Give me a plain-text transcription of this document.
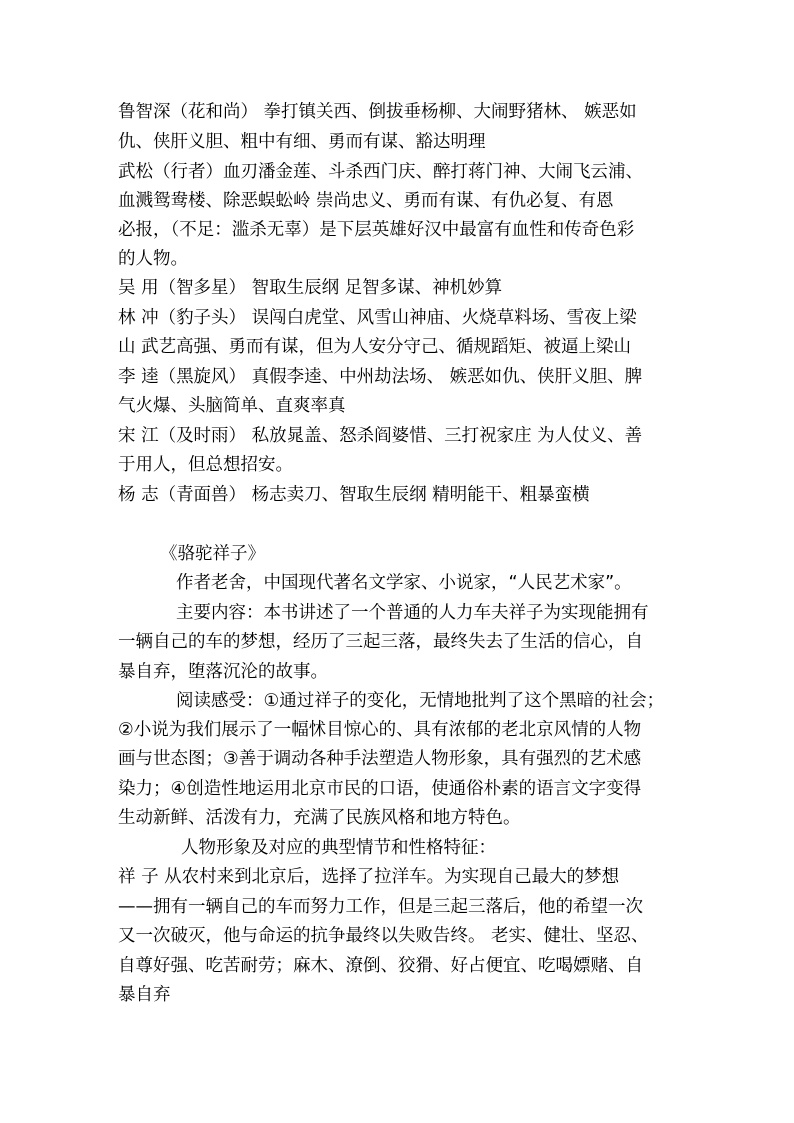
鲁智深（花和尚） 拳打镇关西、倒拔垂杨柳、大闹野猪林、 嫉恶如
仇、侠肝义胆、粗中有细、勇而有谋、豁达明理
武松（行者）血刃潘金莲、斗杀西门庆、醉打蒋门神、大闹飞云浦、
血溅鸳鸯楼、除恶蜈蚣岭 崇尚忠义、勇而有谋、有仇必复、有恩
必报，（不足：滥杀无辜）是下层英雄好汉中最富有血性和传奇色彩
的人物。
吴 用（智多星） 智取生辰纲 足智多谋、神机妙算
林 冲（豹子头） 误闯白虎堂、风雪山神庙、火烧草料场、雪夜上梁
山 武艺高强、勇而有谋，但为人安分守己、循规蹈矩、被逼上梁山
李 逵（黑旋风） 真假李逵、中州劫法场、 嫉恶如仇、侠肝义胆、脾
气火爆、头脑简单、直爽率真
宋 江（及时雨） 私放晁盖、怒杀阎婆惜、三打祝家庄 为人仗义、善
于用人，但总想招安。
杨 志（青面兽） 杨志卖刀、智取生辰纲 精明能干、粗暴蛮横
《骆驼祥子》
作者老舍，中国现代著名文学家、小说家，“人民艺术家”。
主要内容：本书讲述了一个普通的人力车夫祥子为实现能拥有
一辆自己的车的梦想，经历了三起三落，最终失去了生活的信心，自
暴自弃，堕落沉沦的故事。
阅读感受：①通过祥子的变化，无情地批判了这个黑暗的社会；
②小说为我们展示了一幅怵目惊心的、具有浓郁的老北京风情的人物
画与世态图；③善于调动各种手法塑造人物形象，具有强烈的艺术感
染力；④创造性地运用北京市民的口语，使通俗朴素的语言文字变得
生动新鲜、活泼有力，充满了民族风格和地方特色。
人物形象及对应的典型情节和性格特征：
祥 子 从农村来到北京后，选择了拉洋车。为实现自己最大的梦想
——拥有一辆自己的车而努力工作，但是三起三落后，他的希望一次
又一次破灭，他与命运的抗争最终以失败告终。 老实、健壮、坚忍、
自尊好强、吃苦耐劳；麻木、潦倒、狡猾、好占便宜、吃喝嫖赌、自
暴自弃
